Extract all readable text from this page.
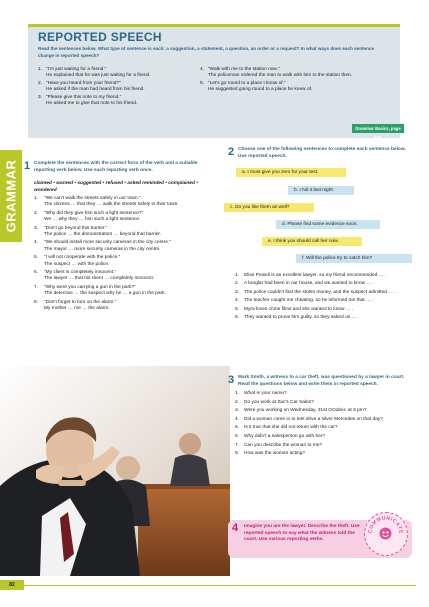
GRAMMAR
REPORTED SPEECH
Read the sentences below. What type of sentence is each: a suggestion, a statement, a question, an order or a request? In what ways does each sentence change in reported speech?
1. “I’m just waiting for a friend.”
He explained that he was just waiting for a friend.
2. “Have you heard from your friend?”
He asked if the man had heard from his friend.
3. “Please give this note to my friend.”
He asked me to give that note to his friend.
4. “Walk with me to the station now.”
The policeman ordered the man to walk with him to the station then.
5. “Let’s go round to a place I know of.”
He suggested going round to a place he knew of.
Grammar Basics, page 132
1 Complete the sentences with the correct form of the verb and a suitable reporting verb below. Use each reporting verb once.
claimed • warned • suggested • refused • asked reminded • complained • wondered
1.	“We can’t walk the streets safely in our town.”
The citizens … that they … walk the streets safely in their town.
2.	“Why did they give him such a light sentence?”
We … why they … him such a light sentence.
3.	“Don’t go beyond this barrier.”
The police … the demonstrators … beyond that barrier.
4.	“We should install more security cameras in the city centre.”
The mayor … more security cameras in the city centre.
5.	“I will not cooperate with the police.”
The suspect … with the police.
6.	“My client is completely innocent.”
The lawyer … that his client … completely innocent.
7.	“Why were you carrying a gun in the park?”
The detective … the suspect why he … a gun in the park.
8.	“Don’t forget to turn on the alarm.”
My mother … me … the alarm.
2 Choose one of the following sentences to complete each sentence below. Use reported speech.
a. I must give you zero for your test.
b. I hid it last night.
c. Do you like them as well?
d. Please find some evidence soon.
e. I think you should call her now.
f. Will the police try to catch him?
1.	Elise Powell is an excellent lawyer, so my friend recommended … .
2.	A burglar had been in our house, and we wanted to know … .
3.	The police couldn’t find the stolen money, and the suspect admitted … .
4.	The teacher caught me cheating, so he informed me that … .
5.	Myra loves crime films and she wanted to know … .
6.	They wanted to prove him guilty, so they asked us … .
3 Mark Smith, a witness to a car theft, was questioned by a lawyer in court. Read the questions below and write them in reported speech.
1.	What is your name?
2.	Do you work at Zac’s Car Sales?
3.	Were you working on Wednesday, 31st October, at 3 pm?
4.	Did a woman come in to test drive a silver Mercedes on that day?
5.	Is it true that she did not return with the car?
6.	Why didn’t a salesperson go with her?
7.	Can you describe the woman to me?
8.	How was the woman acting?
4 Imagine you are the lawyer. Describe the theft. Use reported speech to say what the witness told the court. Use various reporting verbs.
COMMUNICATE
82
